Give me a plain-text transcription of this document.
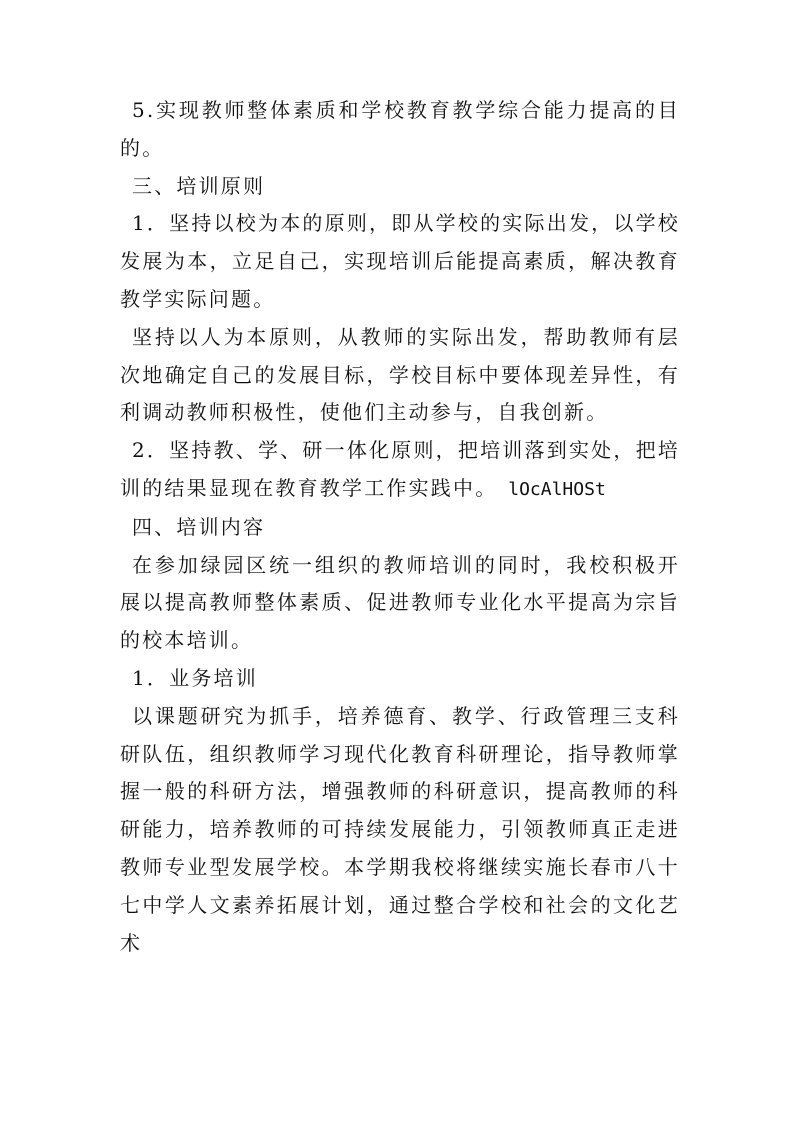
5.实现教师整体素质和学校教育教学综合能力提高的目的。

三、培训原则

1．坚持以校为本的原则，即从学校的实际出发，以学校发展为本，立足自己，实现培训后能提高素质，解决教育教学实际问题。

坚持以人为本原则，从教师的实际出发，帮助教师有层次地确定自己的发展目标，学校目标中要体现差异性，有利调动教师积极性，使他们主动参与，自我创新。

2．坚持教、学、研一体化原则，把培训落到实处，把培训的结果显现在教育教学工作实践中。 lOcAlHOSt

四、培训内容

在参加绿园区统一组织的教师培训的同时，我校积极开展以提高教师整体素质、促进教师专业化水平提高为宗旨的校本培训。

1．业务培训

以课题研究为抓手，培养德育、教学、行政管理三支科研队伍，组织教师学习现代化教育科研理论，指导教师掌握一般的科研方法，增强教师的科研意识，提高教师的科研能力，培养教师的可持续发展能力，引领教师真正走进教师专业型发展学校。本学期我校将继续实施长春市八十七中学人文素养拓展计划，通过整合学校和社会的文化艺术
